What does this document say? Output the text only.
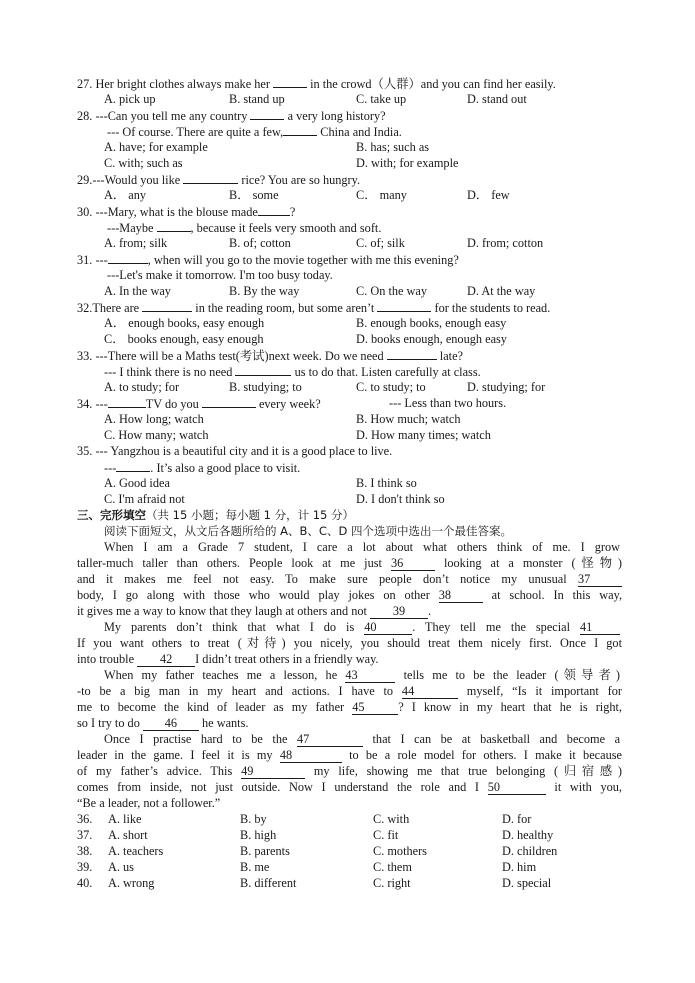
27. Her bright clothes always make her	in the crowd（人群）and you can find her easily.
A. pick up	B. stand up	C. take up	D. stand out
28. ---Can you tell me any country	a very long history?
--- Of course. There are quite a few,	China and India.
A. have; for example	B. has; such as
C. with; such as	D. with; for example
29.---Would you like	rice? You are so hungry.
A． any	B． some	C． many	D． few
30. ---Mary, what is the blouse made	?
---Maybe	, because it feels very smooth and soft.
A. from; silk	B. of; cotton	C. of; silk	D. from; cotton
31. ---	, when will you go to the movie together with me this evening?
---Let's make it tomorrow. I'm too busy today.
A. In the way	B. By the way	C. On the way	D. At the way
32.There are	in the reading room, but some aren’t	for the students to read.
A． enough books, easy enough	B. enough books, enough easy
C． books enough, easy enough	D. books enough, enough easy
33. ---There will be a Maths test(考试)next week. Do we need	late?
--- I think there is no need	us to do that. Listen carefully at class.
A. to study; for	B. studying; to	C. to study; to	D. studying; for
34. ---	TV do you	every week?	--- Less than two hours.
A. How long; watch	B. How much; watch
C. How many; watch	D. How many times; watch
35. --- Yangzhou is a beautiful city and it is a good place to live.
---	. It’s also a good place to visit.
A. Good idea	B. I think so
C. I'm afraid not	D. I don't think so
三、完形填空（共 15 小题；每小题 1 分，计 15 分）
阅读下面短文，从文后各题所给的 A、B、C、D 四个选项中选出一个最佳答案。
When I am a Grade 7 student, I care a lot about what others think of me. I grow
taller-much taller than others. People look at me just 36	looking at a monster (怪物)
and it makes me feel not easy. To make sure people don’t notice my unusual 37
body, I go along with those who would play jokes on other 38	at school. In this way,
it gives me a way to know that they laugh at others and not 39 .
My parents don’t think that what I do is 40	. They tell me the special 41
If you want others to treat (对待) you nicely, you should treat them nicely first. Once I got
into trouble 42 I didn’t treat others in a friendly way.
When my father teaches me a lesson, he 43	tells me to be the leader (领导者)
-to be a big man in my heart and actions. I have to 44	myself, “Is it important for
me to become the kind of leader as my father 45	? I know in my heart that he is right,
so I try to do 46 he wants.
Once I practise hard to be the 47	that I can be at basketball and become a
leader in the game. I feel it is my 48	to be a role model for others. I make it because
of my father’s advice. This 49	my life, showing me that true belonging (归宿感)
comes from inside, not just outside. Now I understand the role and I 50	it with you,
“Be a leader, not a follower.”
36. A. like	B. by	C. with	D. for
37. A. short	B. high	C. fit	D. healthy
38. A. teachers	B. parents	C. mothers	D. children
39. A. us	B. me	C. them	D. him
40. A. wrong	B. different	C. right	D. special
